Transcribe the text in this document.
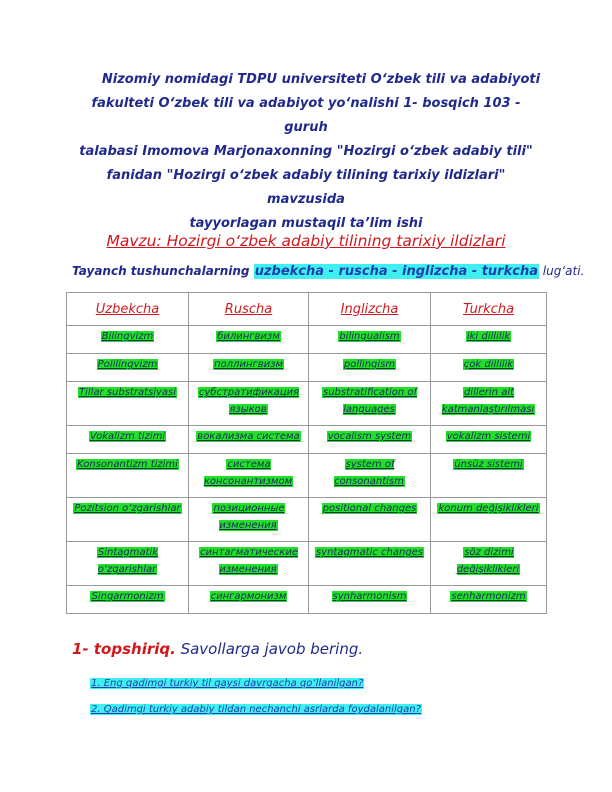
Nizomiy nomidagi TDPU universiteti O‘zbek tili va adabiyoti
fakulteti O‘zbek tili va adabiyot yo‘nalishi 1- bosqich 103 - guruh
talabasi Imomova Marjonaxonning "Hozirgi o‘zbek adabiy tili"
fanidan "Hozirgi o‘zbek adabiy tilining tarixiy ildizlari" mavzusida
tayyorlagan mustaqil ta’lim ishi
Mavzu: Hozirgi o‘zbek adabiy tilining tarixiy ildizlari
Tayanch tushunchalarning uzbekcha - ruscha - inglizcha - turkcha lug‘ati.
Uzbekcha	Ruscha	Inglizcha	Turkcha
Bilingvizm	билингвизм	bilingualism	iki dillilik
Polilingvizm	поллингвизм	pollingism	çok dillilik
Tillar substratsiyasi	субстратификация языков	substratification of languages	dillerin alt katmanlaştırılması
Vokalizm tizimi	вокализма система	vocalism system	vokalizm sistemi
Konsonantizm tizimi	система консонантизмом	system of consonantism	ünsüz sistemi
Pozitsion o‘zgarishlar	позиционные изменения	positional changes	konum değişiklikleri
Sintagmatik o‘zgarishlar	синтагматические изменения	syntagmatic changes	söz dizimi değişiklikleri
Singarmonizm	сингармонизм	synharmonism	senharmonizm
1- topshiriq. Savollarga javob bering.
1. Eng qadimgi turkiy til qaysi davrgacha qo‘llanilgan?
2. Qadimgi turkiy adabiy tildan nechanchi asrlarda foydalanilgan?
